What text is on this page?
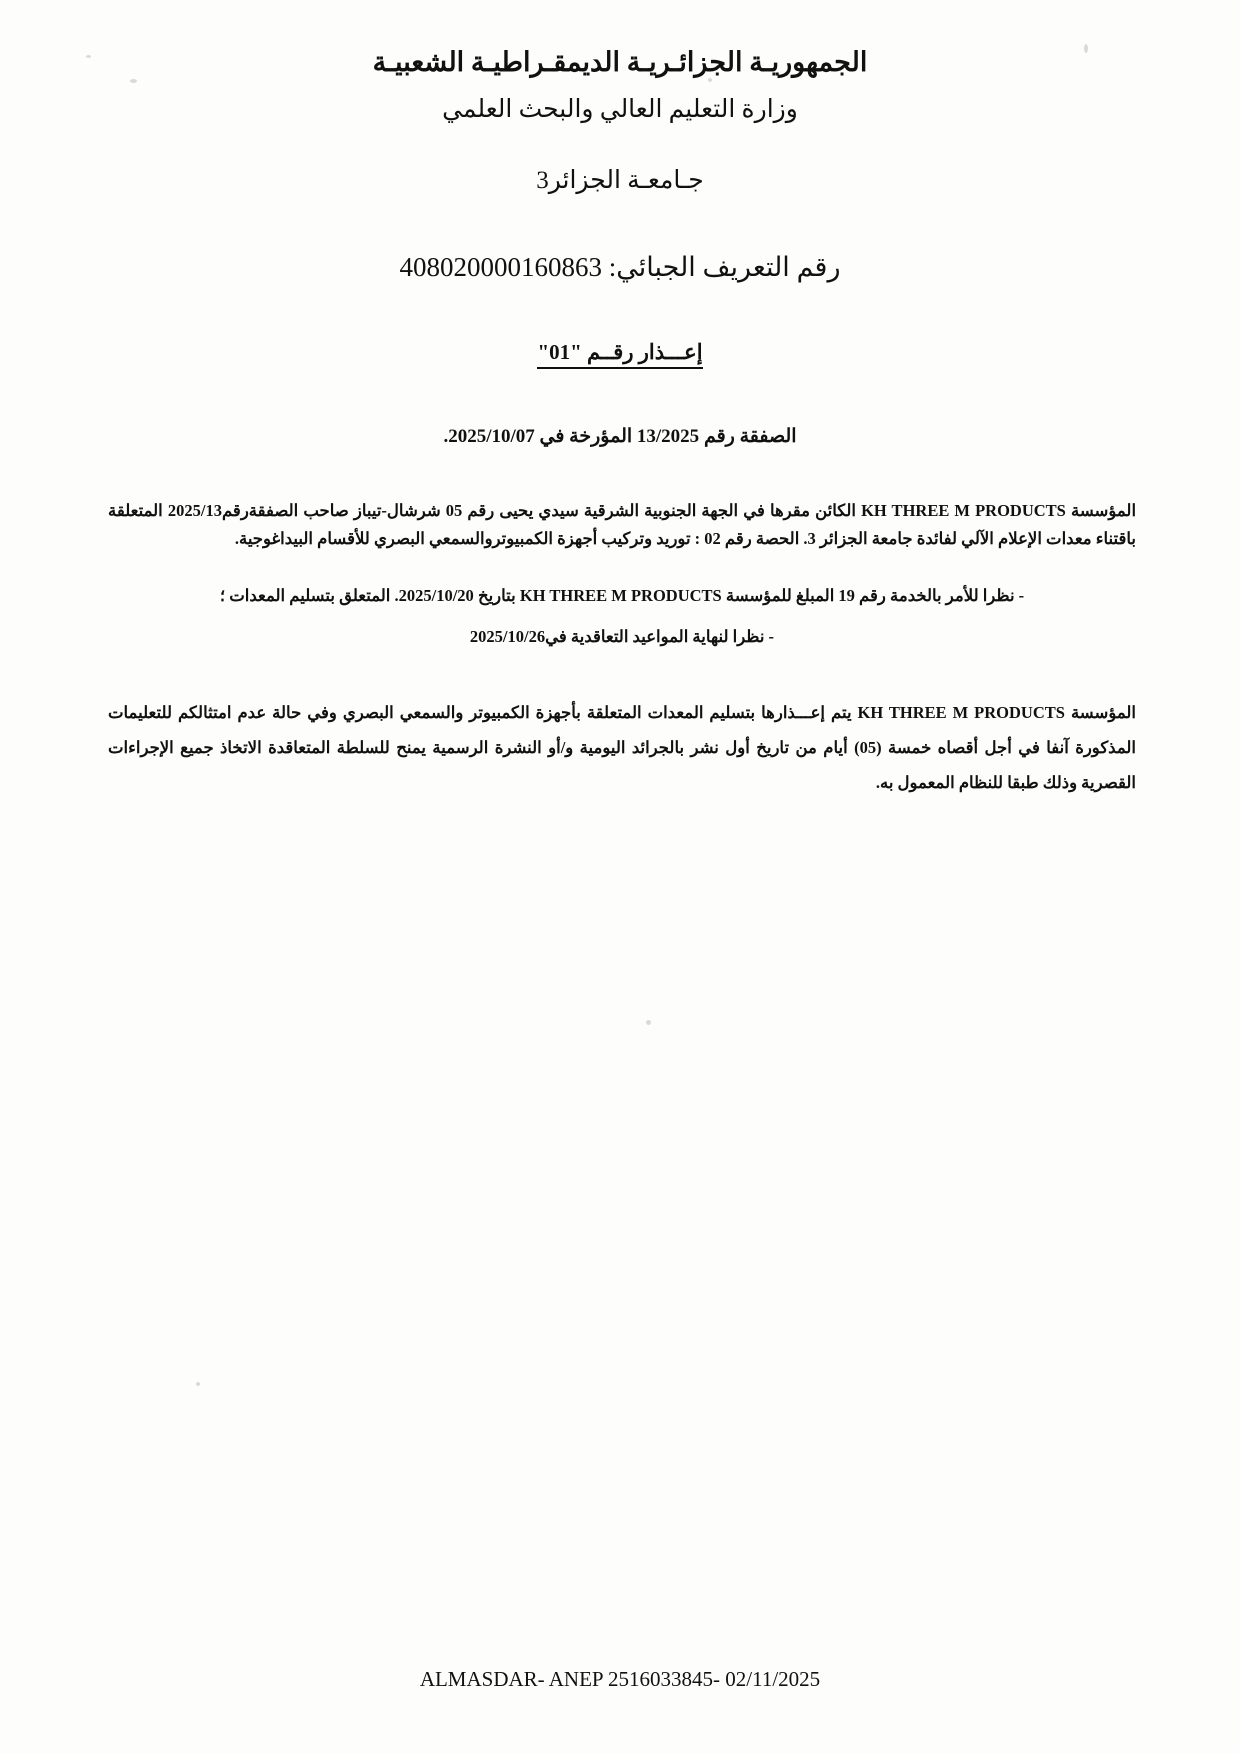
الجمهوريـة الجزائـريـة الديمقـراطيـة الشعبيـة
وزارة التعليم العالي والبحث العلمي
جـامعـة الجزائر3
رقم التعريف الجبائي: 408020000160863
إعـــذار رقــم "01"
الصفقة رقم 13/2025 المؤرخة في 2025/10/07.

المؤسسة KH THREE M PRODUCTS الكائن مقرها في الجهة الجنوبية الشرقية سيدي يحيى رقم 05 شرشال-تيباز صاحب الصفقةرقم2025/13 المتعلقة باقتناء معدات الإعلام الآلي لفائدة جامعة الجزائر 3. الحصة رقم 02 : توريد وتركيب أجهزة الكمبيوتروالسمعي البصري للأقسام البيداغوجية.

- نظرا للأمر بالخدمة رقم 19 المبلغ للمؤسسة KH THREE M PRODUCTS بتاريخ 2025/10/20. المتعلق بتسليم المعدات ؛

- نظرا لنهاية المواعيد التعاقدية في2025/10/26

المؤسسة KH THREE M PRODUCTS يتم إعـــذارها بتسليم المعدات المتعلقة بأجهزة الكمبيوتر والسمعي البصري وفي حالة عدم امتثالكم للتعليمات المذكورة آنفا في أجل أقصاه خمسة (05) أيام من تاريخ أول نشر بالجرائد اليومية و/أو النشرة الرسمية يمنح للسلطة المتعاقدة الاتخاذ جميع الإجراءات القصرية وذلك طبقا للنظام المعمول به.

ALMASDAR- ANEP 2516033845- 02/11/2025
